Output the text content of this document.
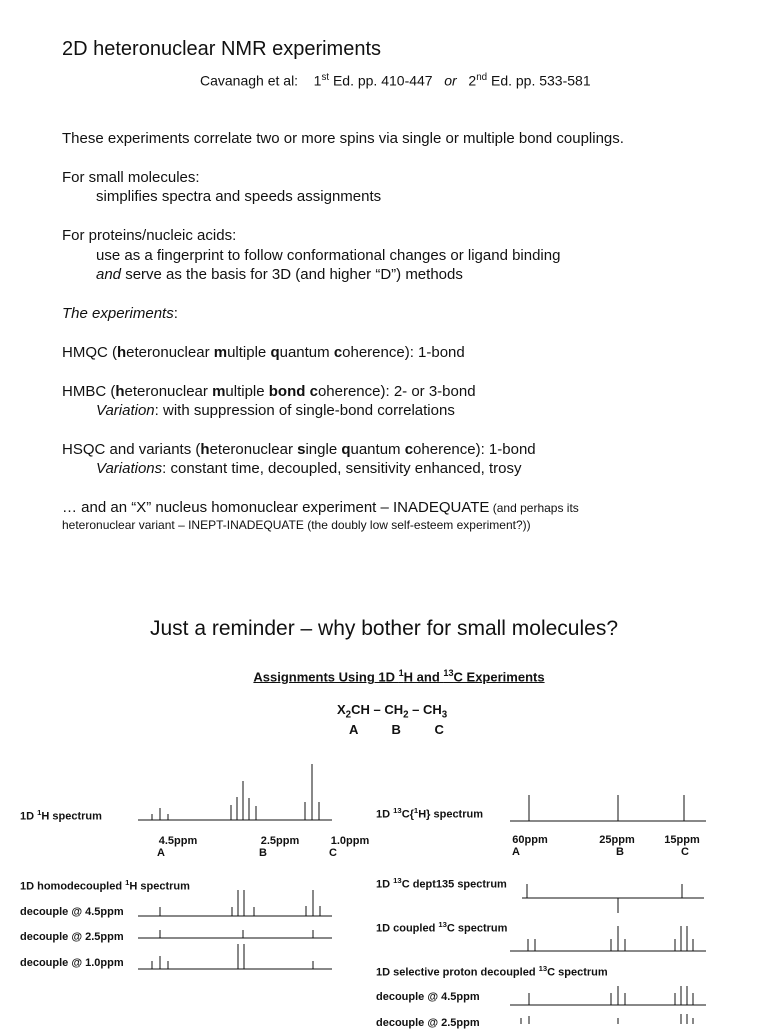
2D heteronuclear NMR experiments
Cavanagh et al: 1st Ed. pp. 410-447 or 2nd Ed. pp. 533-581
These experiments correlate two or more spins via single or multiple bond couplings.
For small molecules:
simplifies spectra and speeds assignments
For proteins/nucleic acids:
use as a fingerprint to follow conformational changes or ligand binding
and serve as the basis for 3D (and higher “D”) methods
The experiments:
HMQC (heteronuclear multiple quantum coherence): 1-bond
HMBC (heteronuclear multiple bond coherence): 2- or 3-bond
Variation: with suppression of single-bond correlations
HSQC and variants (heteronuclear single quantum coherence): 1-bond
Variations: constant time, decoupled, sensitivity enhanced, trosy
… and an “X” nucleus homonuclear experiment – INADEQUATE (and perhaps its
heteronuclear variant – INEPT-INADEQUATE (the doubly low self-esteem experiment?))
Just a reminder – why bother for small molecules?
Assignments Using 1D $^1$H and $^{13}$C Experiments
$X_2CH - CH_2 - CH_3$
A B C
1D $^1$H spectrum
4.5ppm
A
2.5ppm
B
1.0ppm
C
1D homodecoupled $^1$H spectrum
decouple @ 4.5ppm
decouple @ 2.5ppm
decouple @ 1.0ppm
1D $^{13}$C{$^1$H} spectrum
60ppm
A
25ppm
B
15ppm
C
1D $^{13}$C dept135 spectrum
1D coupled $^{13}$C spectrum
1D selective proton decoupled $^{13}$C spectrum
decouple @ 4.5ppm
decouple @ 2.5ppm
